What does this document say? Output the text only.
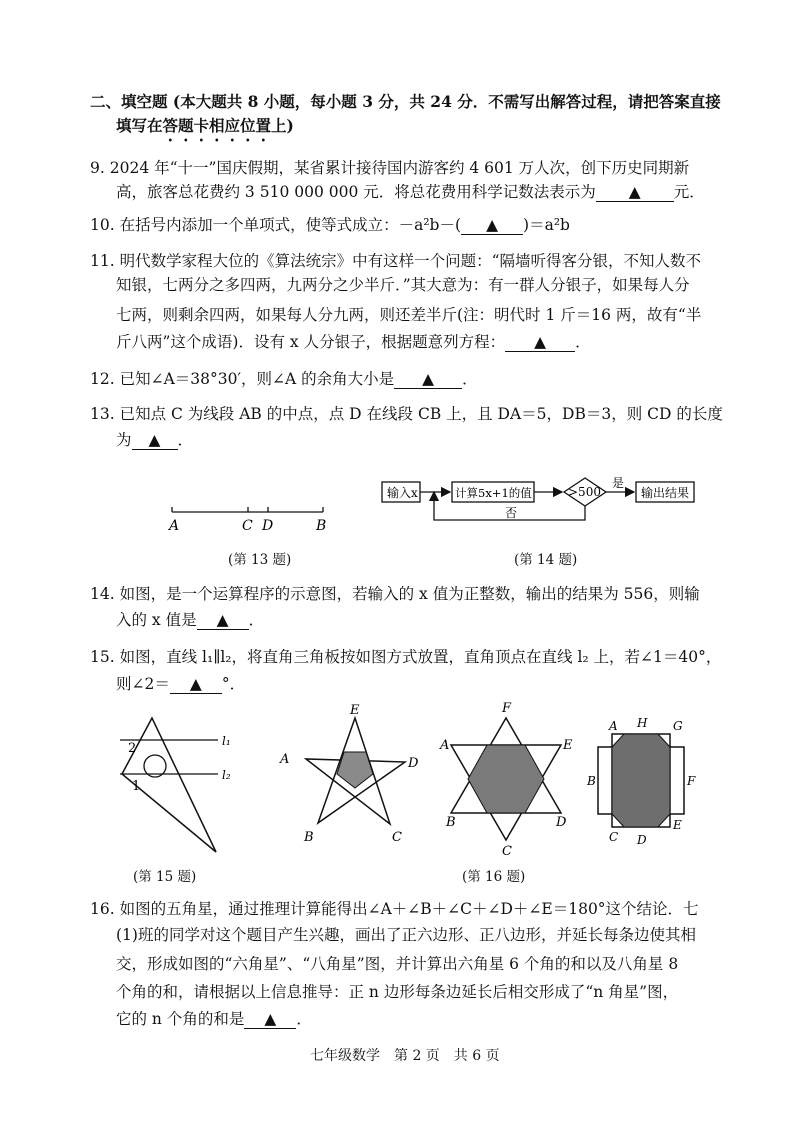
二、填空题 (本大题共 8 小题，每小题 3 分，共 24 分．不需写出解答过程，请把答案直接
填写在答题卡相应位置上)
9. 2024 年“十一”国庆假期，某省累计接待国内游客约 4 601 万人次，创下历史同期新
高，旅客总花费约 3 510 000 000 元．将总花费用科学记数法表示为 ▲ 元．
10. 在括号内添加一个单项式，使等式成立：－a²b－( ▲ )＝a²b
11. 明代数学家程大位的《算法统宗》中有这样一个问题：“隔墙听得客分银，不知人数不
知银，七两分之多四两，九两分之少半斤．”其大意为：有一群人分银子，如果每人分
七两，则剩余四两，如果每人分九两，则还差半斤(注：明代时 1 斤＝16 两，故有“半
斤八两”这个成语)．设有 x 人分银子，根据题意列方程： ▲ ．
12. 已知∠A＝38°30′，则∠A 的余角大小是 ▲ ．
13. 已知点 C 为线段 AB 的中点，点 D 在线段 CB 上，且 DA＝5，DB＝3，则 CD 的长度
为 ▲ ．
A	C D	B
(第 13 题)
输入x	计算5x+1的值	>500
是
输出结果
否
(第 14 题)
14. 如图，是一个运算程序的示意图，若输入的 x 值为正整数，输出的结果为 556，则输
入的 x 值是 ▲ ．
15. 如图，直线 l₁∥l₂，将直角三角板按如图方式放置，直角顶点在直线 l₂ 上，若∠1＝40°，
则∠2＝ ▲ °．
2
1
l₁
l₂
(第 15 题)
E
A	D
B	C
F
A	E
B	D
C
(第 16 题)
A H G
B	F
C D
E
16. 如图的五角星，通过推理计算能得出∠A＋∠B＋∠C＋∠D＋∠E＝180°这个结论．七
(1)班的同学对这个题目产生兴趣，画出了正六边形、正八边形，并延长每条边使其相
交，形成如图的“六角星”、“八角星”图，并计算出六角星 6 个角的和以及八角星 8
个角的和，请根据以上信息推导：正 n 边形每条边延长后相交形成了“n 角星”图，
它的 n 个角的和是 ▲ ．
七年级数学　第 2 页　共 6 页
